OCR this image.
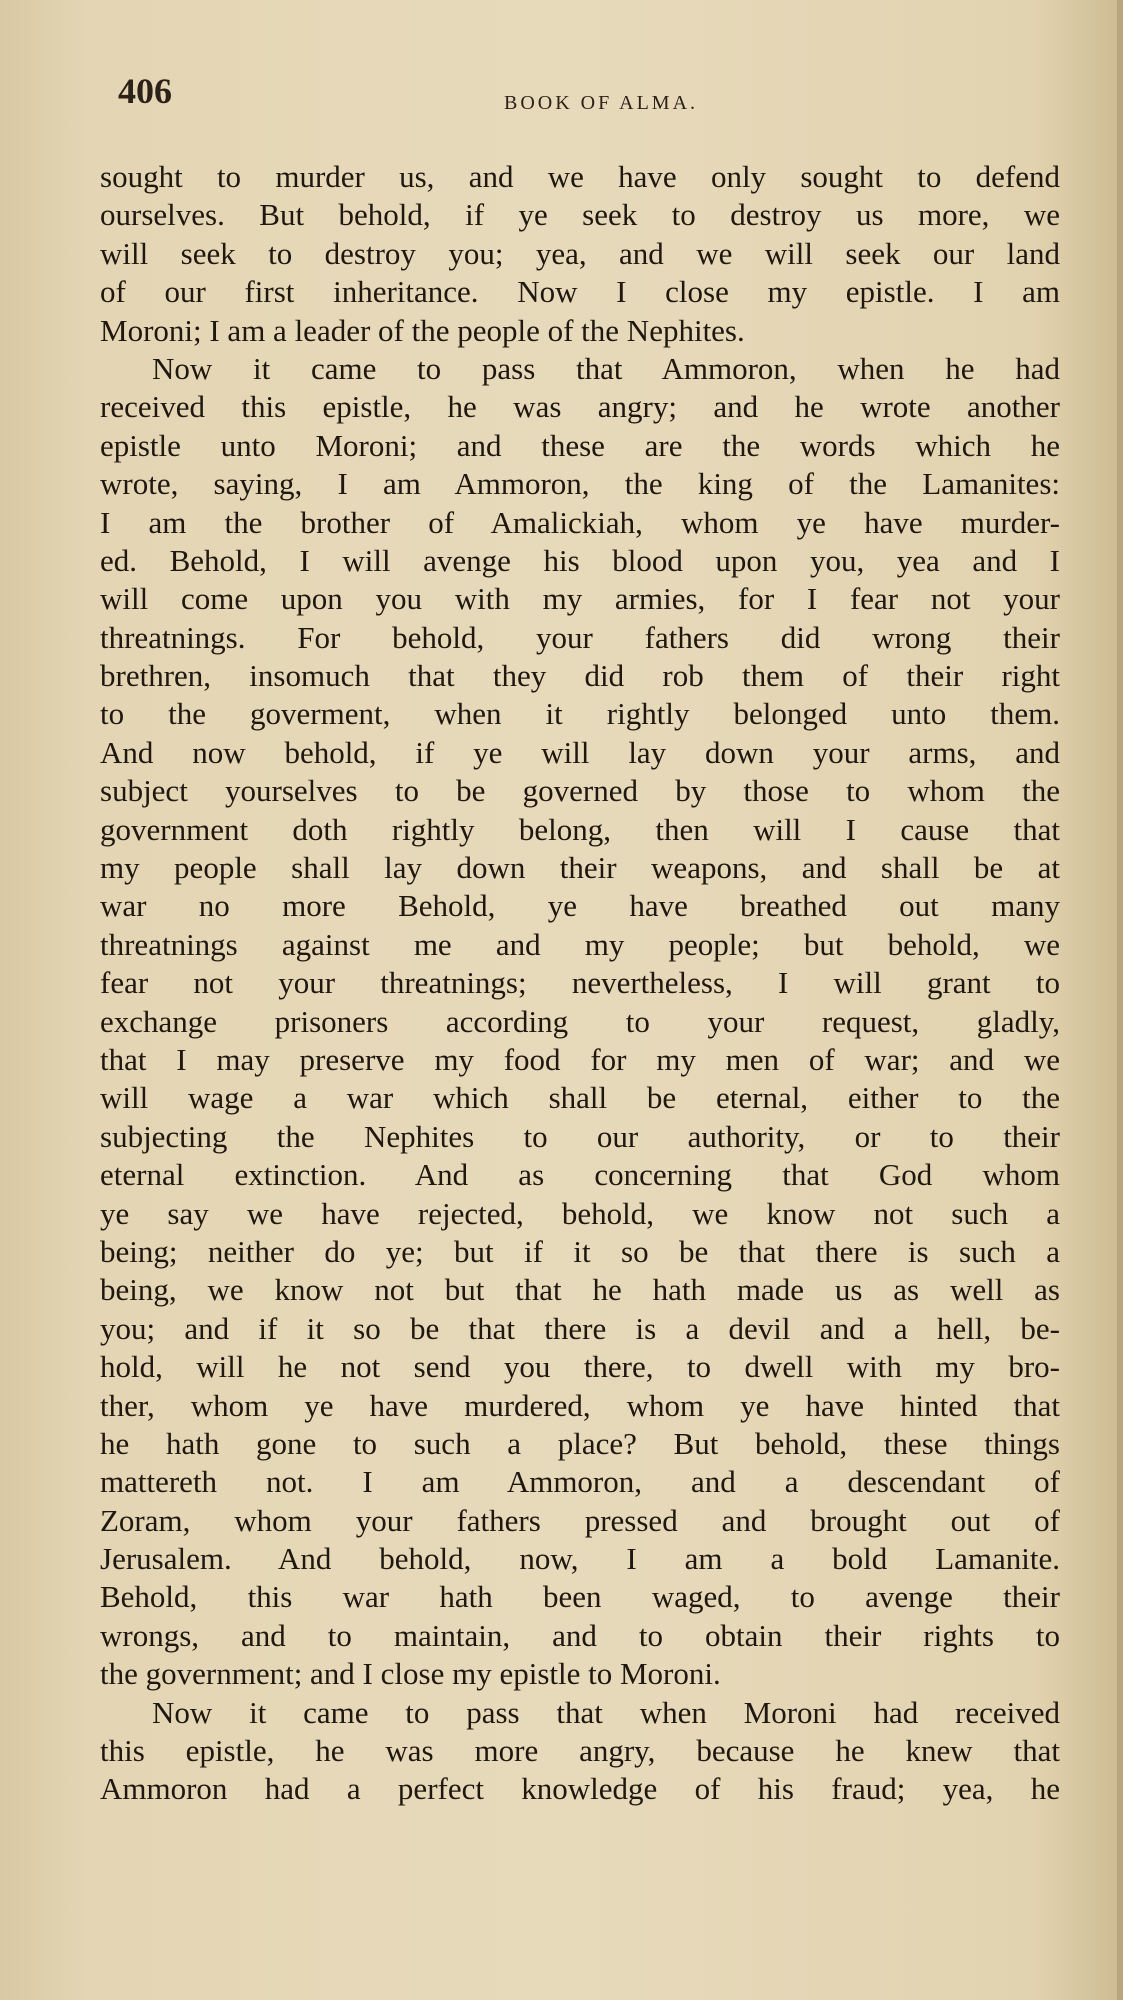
406	BOOK OF ALMA.
sought to murder us, and we have only sought to defend
ourselves. But behold, if ye seek to destroy us more, we
will seek to destroy you; yea, and we will seek our land
of our first inheritance. Now I close my epistle. I am
Moroni; I am a leader of the people of the Nephites.
Now it came to pass that Ammoron, when he had
received this epistle, he was angry; and he wrote another
epistle unto Moroni; and these are the words which he
wrote, saying, I am Ammoron, the king of the Lamanites:
I am the brother of Amalickiah, whom ye have murder-
ed. Behold, I will avenge his blood upon you, yea and I
will come upon you with my armies, for I fear not your
threatnings. For behold, your fathers did wrong their
brethren, insomuch that they did rob them of their right
to the goverment, when it rightly belonged unto them.
And now behold, if ye will lay down your arms, and
subject yourselves to be governed by those to whom the
government doth rightly belong, then will I cause that
my people shall lay down their weapons, and shall be at
war no more Behold, ye have breathed out many
threatnings against me and my people; but behold, we
fear not your threatnings; nevertheless, I will grant to
exchange prisoners according to your request, gladly,
that I may preserve my food for my men of war; and we
will wage a war which shall be eternal, either to the
subjecting the Nephites to our authority, or to their
eternal extinction. And as concerning that God whom
ye say we have rejected, behold, we know not such a
being; neither do ye; but if it so be that there is such a
being, we know not but that he hath made us as well as
you; and if it so be that there is a devil and a hell, be-
hold, will he not send you there, to dwell with my bro-
ther, whom ye have murdered, whom ye have hinted that
he hath gone to such a place? But behold, these things
mattereth not. I am Ammoron, and a descendant of
Zoram, whom your fathers pressed and brought out of
Jerusalem. And behold, now, I am a bold Lamanite.
Behold, this war hath been waged, to avenge their
wrongs, and to maintain, and to obtain their rights to
the government; and I close my epistle to Moroni.
Now it came to pass that when Moroni had received
this epistle, he was more angry, because he knew that
Ammoron had a perfect knowledge of his fraud; yea, he
